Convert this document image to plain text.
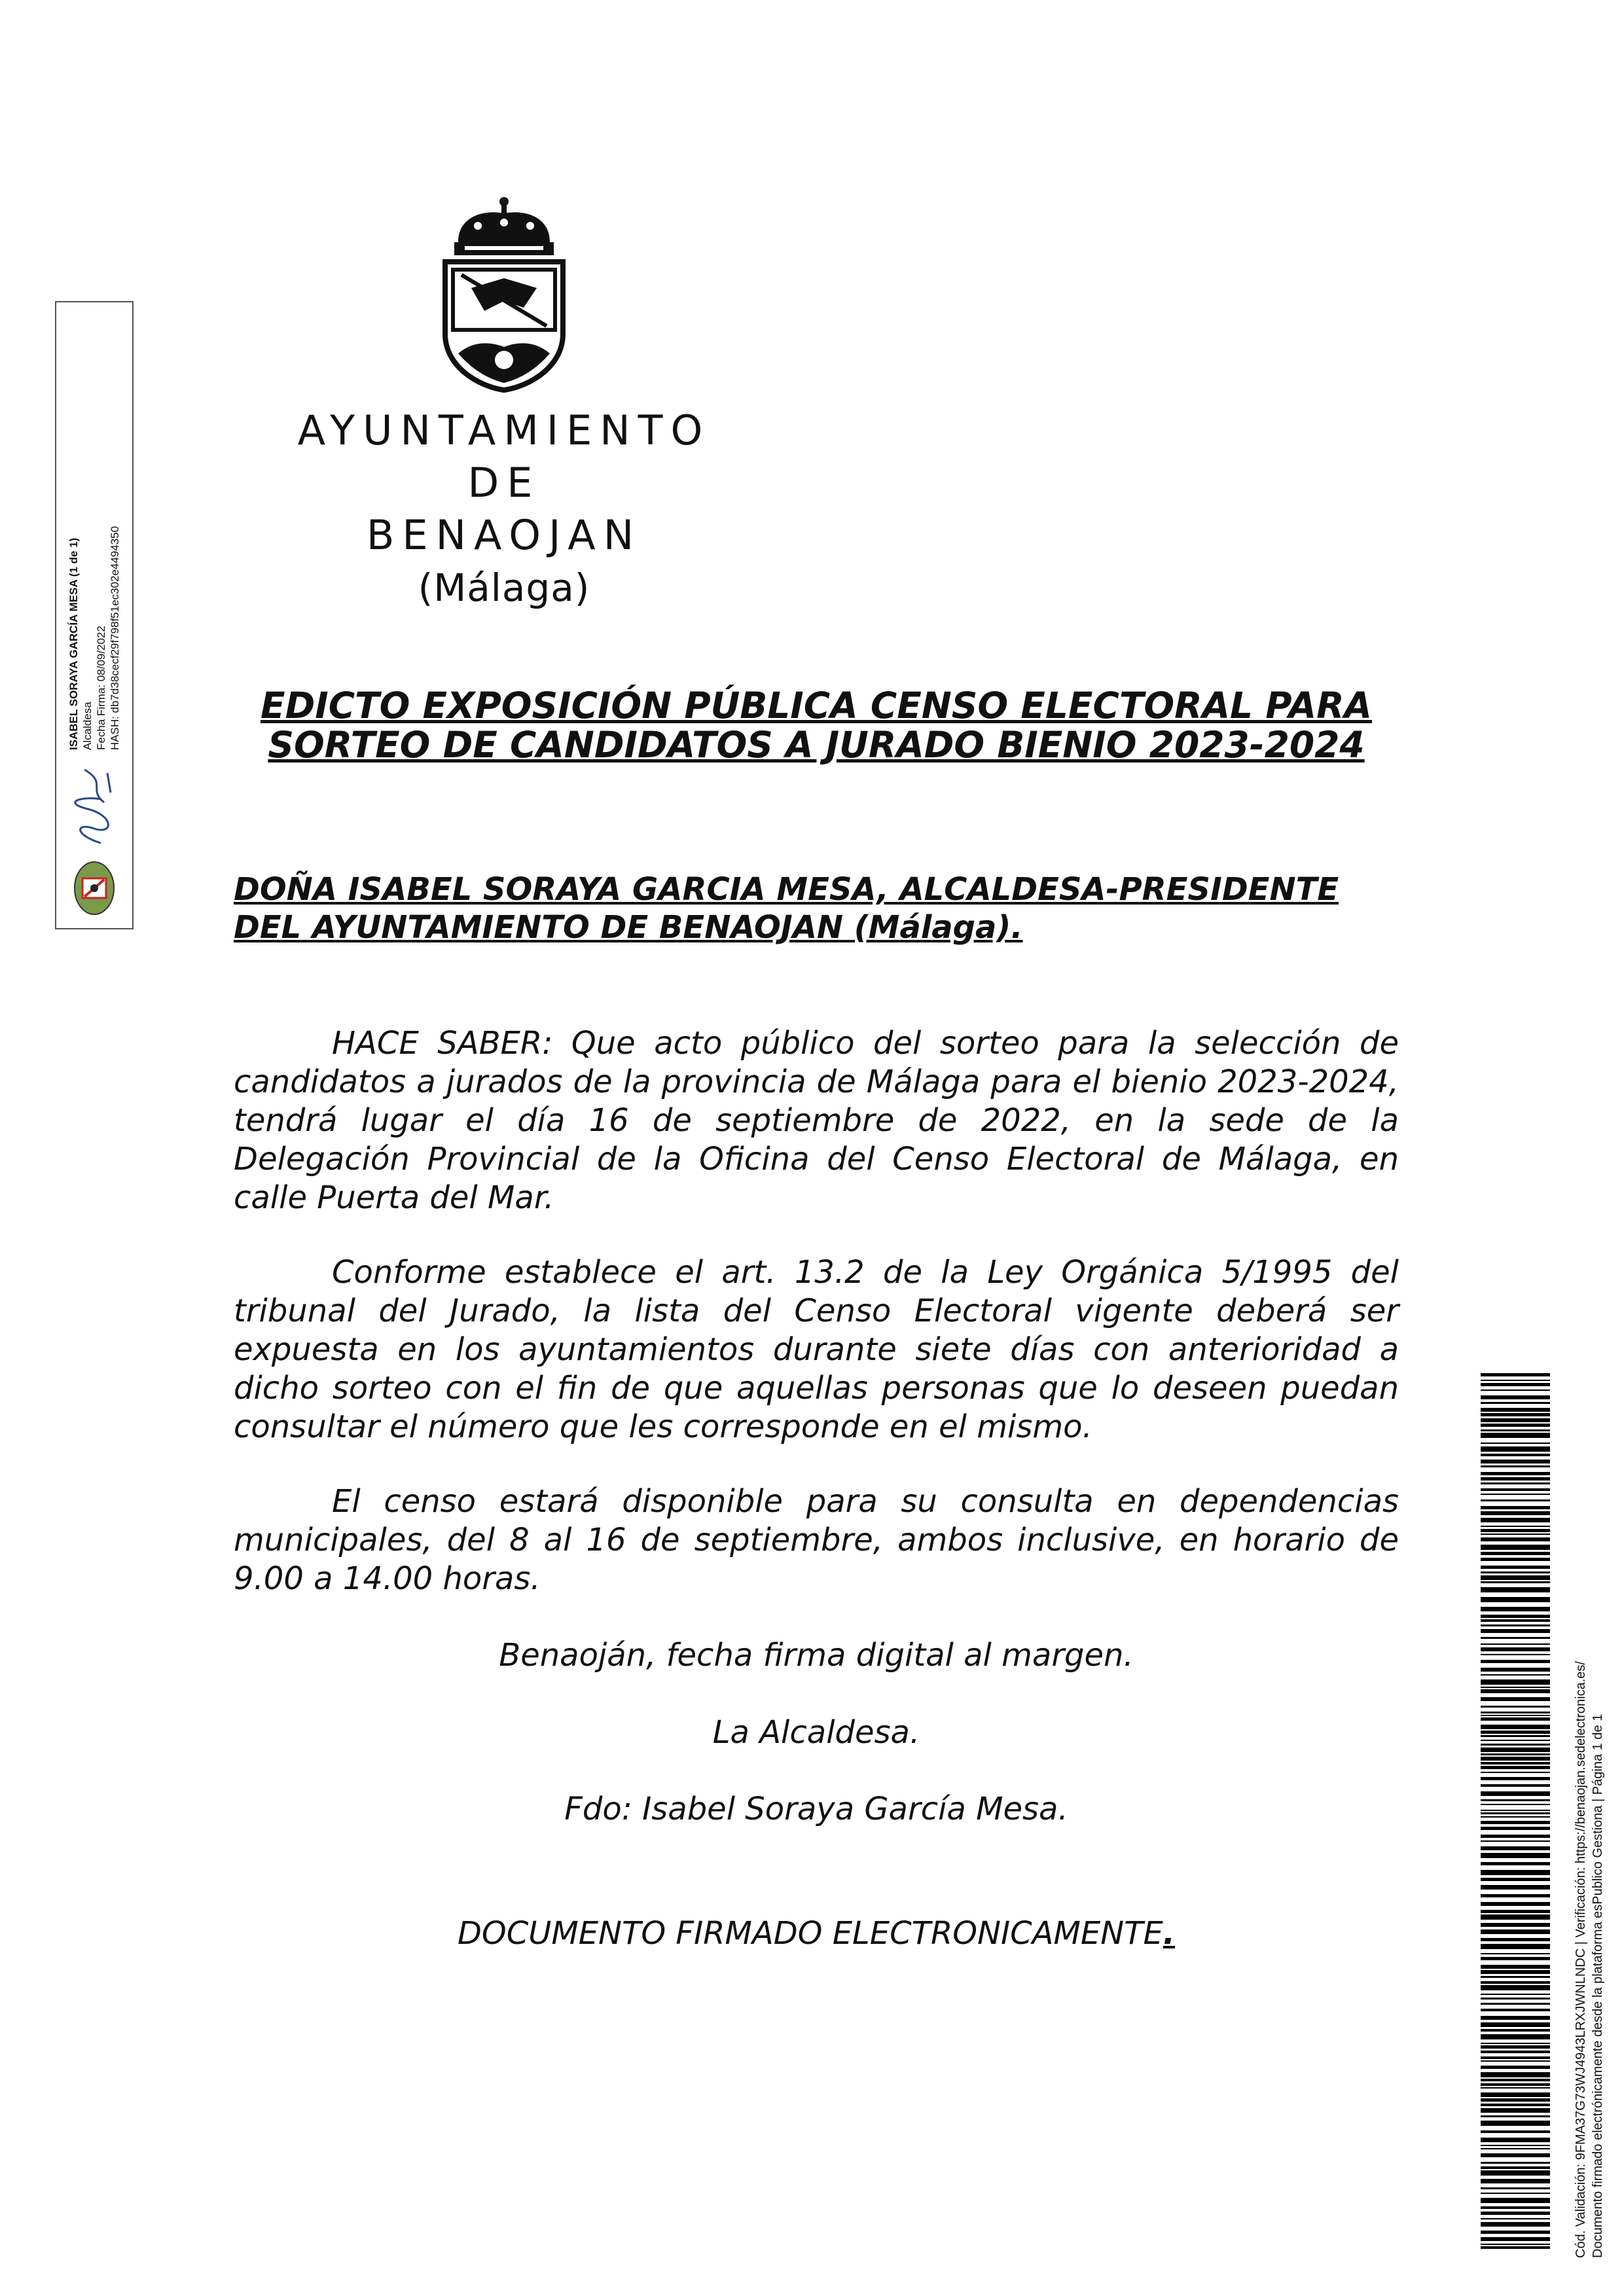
ISABEL SORAYA GARCÍA MESA (1 de 1) Alcaldesa Fecha Firma: 08/09/2022 HASH: db7d38cecf29f798f51ec302e4494350
AYUNTAMIENTO
DE
BENAOJAN
(Málaga)
EDICTO EXPOSICIÓN PÚBLICA CENSO ELECTORAL PARA SORTEO DE CANDIDATOS A JURADO BIENIO 2023-2024
DOÑA ISABEL SORAYA GARCIA MESA, ALCALDESA-PRESIDENTE DEL AYUNTAMIENTO DE BENAOJAN (Málaga).
HACE SABER: Que acto público del sorteo para la selección de candidatos a jurados de la provincia de Málaga para el bienio 2023-2024, tendrá lugar el día 16 de septiembre de 2022, en la sede de la Delegación Provincial de la Oficina del Censo Electoral de Málaga, en calle Puerta del Mar.
Conforme establece el art. 13.2 de la Ley Orgánica 5/1995 del tribunal del Jurado, la lista del Censo Electoral vigente deberá ser expuesta en los ayuntamientos durante siete días con anterioridad a dicho sorteo con el fin de que aquellas personas que lo deseen puedan consultar el número que les corresponde en el mismo.
El censo estará disponible para su consulta en dependencias municipales, del 8 al 16 de septiembre, ambos inclusive, en horario de 9.00 a 14.00 horas.
Benaoján, fecha firma digital al margen.
La Alcaldesa.
Fdo: Isabel Soraya García Mesa.
DOCUMENTO FIRMADO ELECTRONICAMENTE.	Cód. Validación: 9FMA37G73WJ4943LRXJWNLNDC | Verificación: https://benaojan.sedelectronica.es/ Documento firmado electrónicamente desde la plataforma esPublico Gestiona | Página 1 de 1
